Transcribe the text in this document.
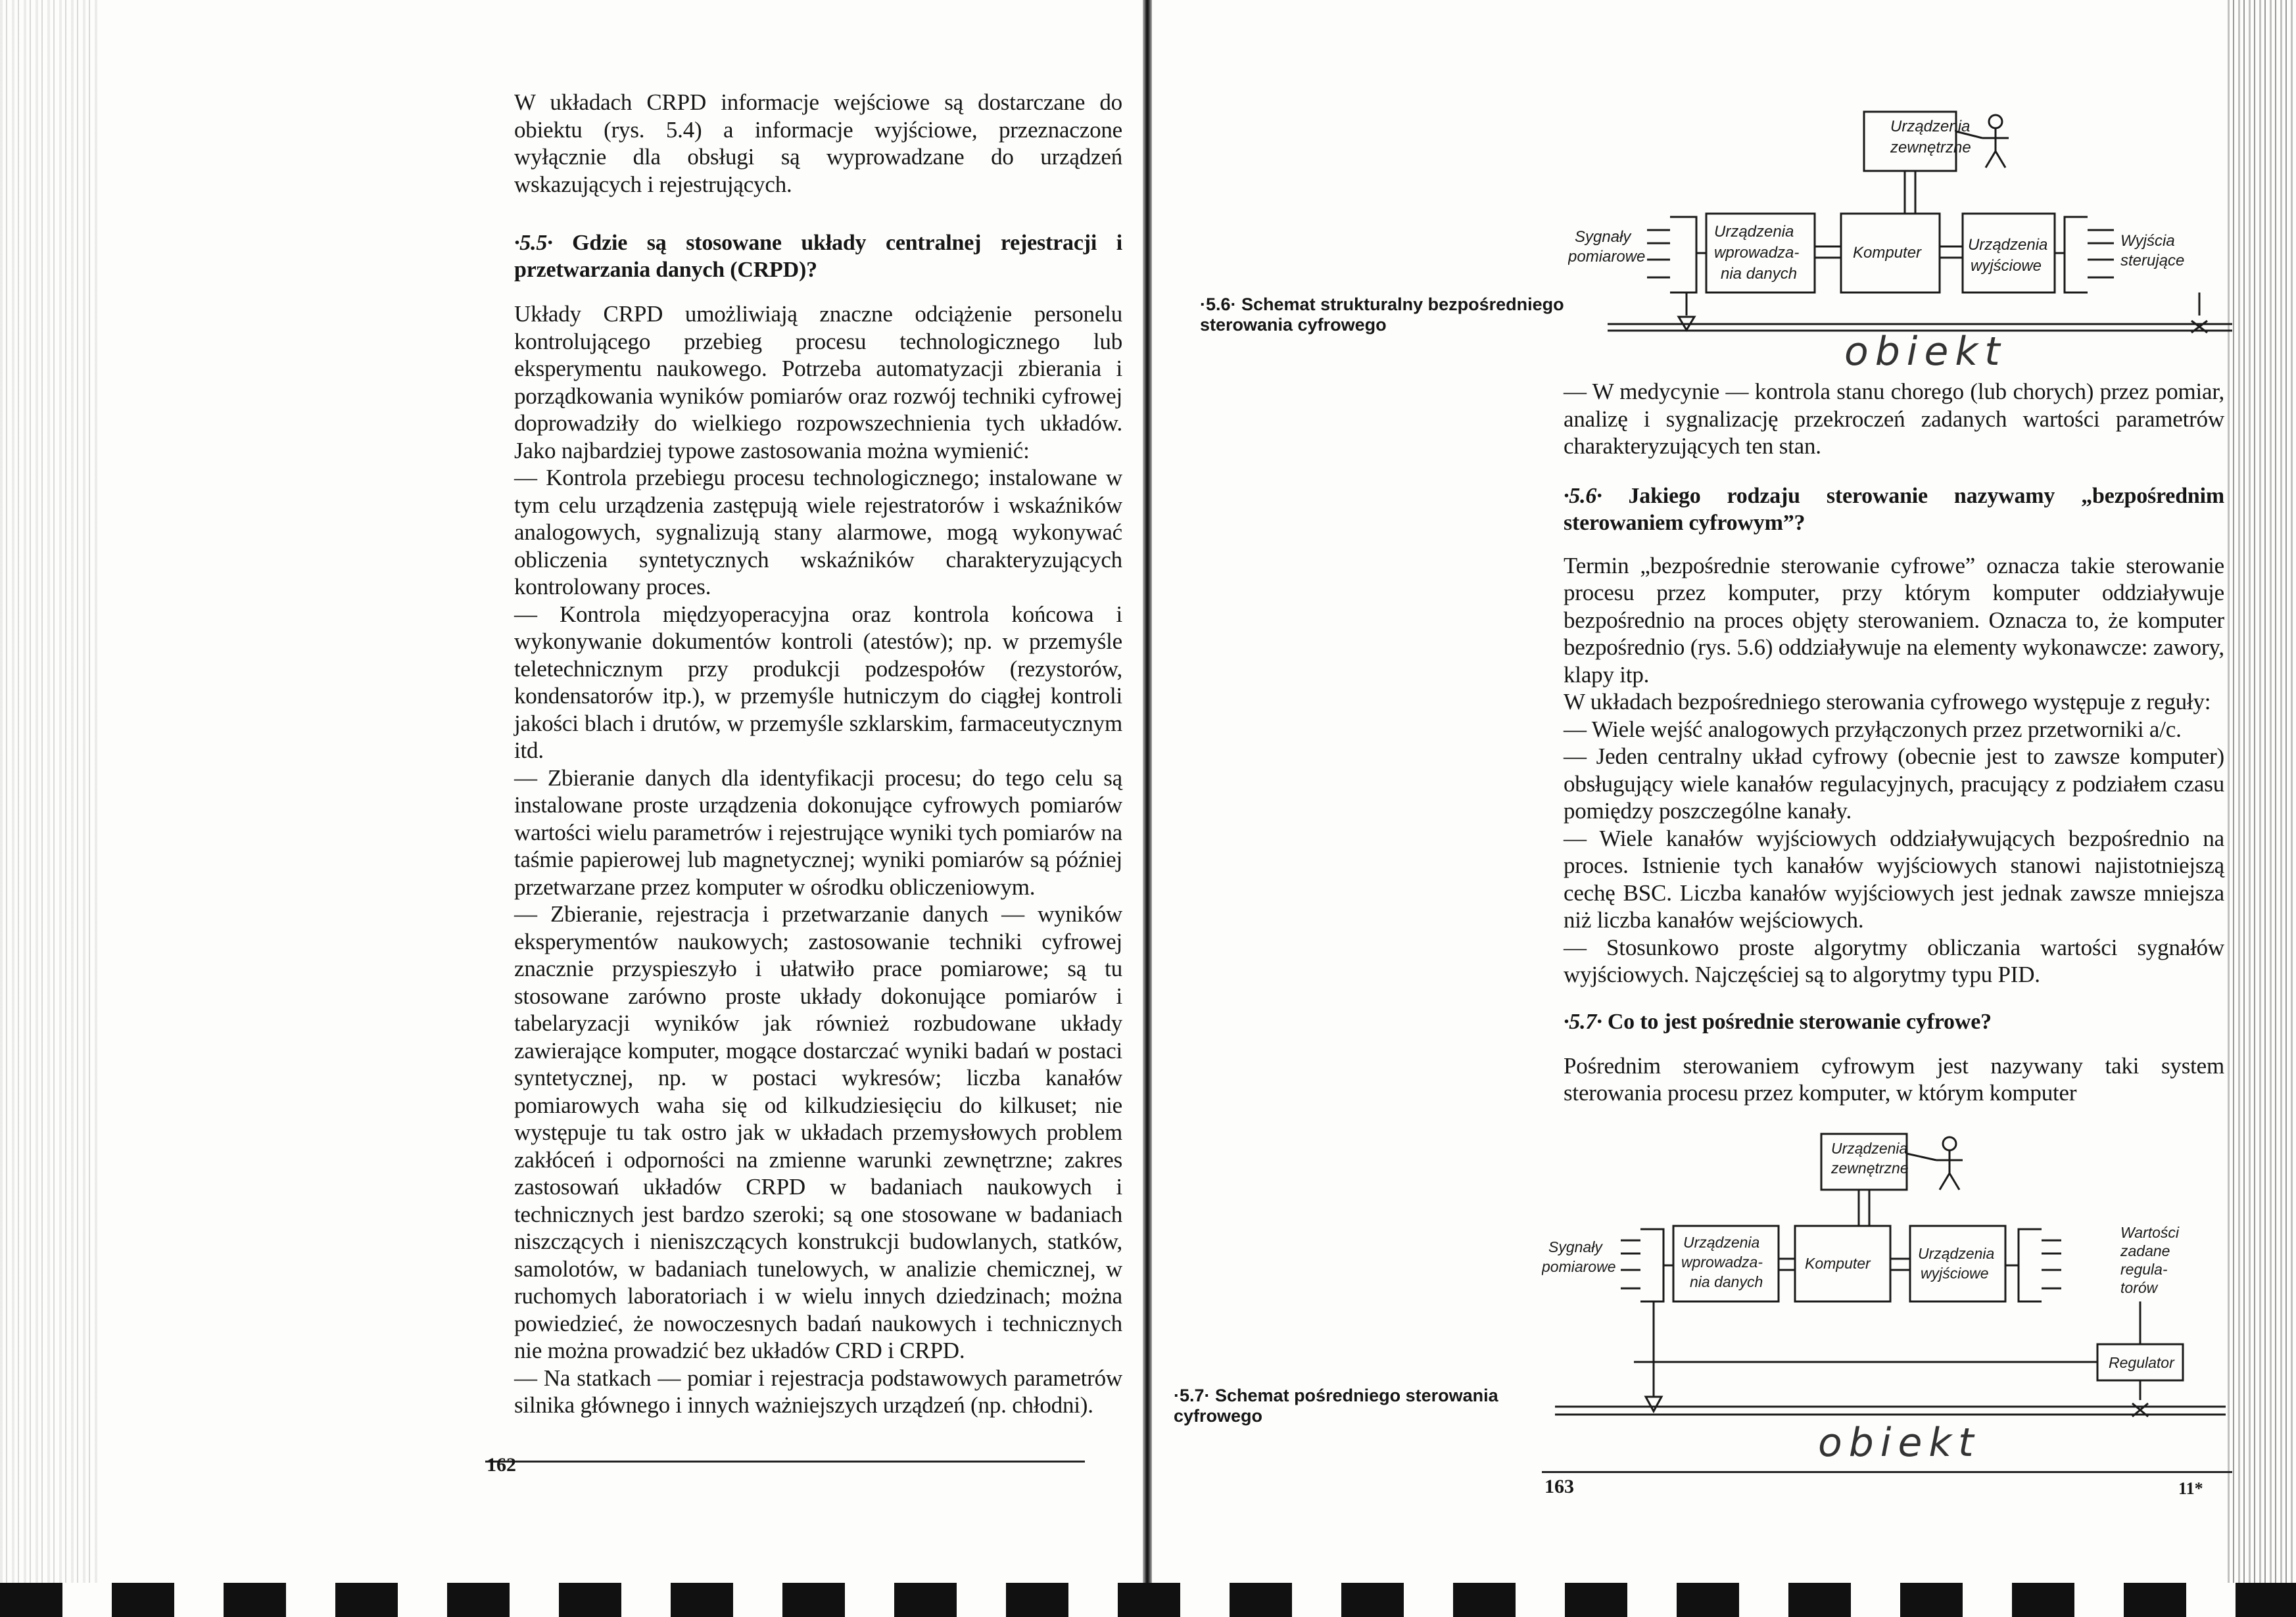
W układach CRPD informacje wejściowe są dostarczane do obiektu (rys. 5.4) a informacje wyjściowe, przeznaczone wyłącznie dla obsługi są wyprowadzane do urządzeń wskazujących i rejestrujących.

·5.5· Gdzie są stosowane układy centralnej rejestracji i przetwarzania danych (CRPD)?

Układy CRPD umożliwiają znaczne odciążenie personelu kontrolującego przebieg procesu technologicznego lub eksperymentu naukowego. Potrzeba automatyzacji zbierania i porządkowania wyników pomiarów oraz rozwój techniki cyfrowej doprowadziły do wielkiego rozpowszechnienia tych układów. Jako najbardziej typowe zastosowania można wymienić:

— Kontrola przebiegu procesu technologicznego; instalowane w tym celu urządzenia zastępują wiele rejestratorów i wskaźników analogowych, sygnalizują stany alarmowe, mogą wykonywać obliczenia syntetycznych wskaźników charakteryzujących kontrolowany proces.

— Kontrola międzyoperacyjna oraz kontrola końcowa i wykonywanie dokumentów kontroli (atestów); np. w przemyśle teletechnicznym przy produkcji podzespołów (rezystorów, kondensatorów itp.), w przemyśle hutniczym do ciągłej kontroli jakości blach i drutów, w przemyśle szklarskim, farmaceutycznym itd.

— Zbieranie danych dla identyfikacji procesu; do tego celu są instalowane proste urządzenia dokonujące cyfrowych pomiarów wartości wielu parametrów i rejestrujące wyniki tych pomiarów na taśmie papierowej lub magnetycznej; wyniki pomiarów są później przetwarzane przez komputer w ośrodku obliczeniowym.

— Zbieranie, rejestracja i przetwarzanie danych — wyników eksperymentów naukowych; zastosowanie techniki cyfrowej znacznie przyspieszyło i ułatwiło prace pomiarowe; są tu stosowane zarówno proste układy dokonujące pomiarów i tabelaryzacji wyników jak również rozbudowane układy zawierające komputer, mogące dostarczać wyniki badań w postaci syntetycznej, np. w postaci wykresów; liczba kanałów pomiarowych waha się od kilkudziesięciu do kilkuset; nie występuje tu tak ostro jak w układach przemysłowych problem zakłóceń i odporności na zmienne warunki zewnętrzne; zakres zastosowań układów CRPD w badaniach naukowych i technicznych jest bardzo szeroki; są one stosowane w badaniach niszczących i nieniszczących konstrukcji budowlanych, statków, samolotów, w badaniach tunelowych, w analizie chemicznej, w ruchomych laboratoriach i w wielu innych dziedzinach; można powiedzieć, że nowoczesnych badań naukowych i technicznych nie można prowadzić bez układów CRD i CRPD.

— Na statkach — pomiar i rejestracja podstawowych parametrów silnika głównego i innych ważniejszych urządzeń (np. chłodni).

162
·5.6· Schemat strukturalny bezpośredniego sterowania cyfrowego
Urządzenia
zewnętrzne
Urządzenia
wprowadza-
nia danych
Komputer	Urządzenia
wyjściowe
Sygnały
pomiarowe
Wyjścia
sterujące
obiekt

— W medycynie — kontrola stanu chorego (lub chorych) przez pomiar, analizę i sygnalizację przekroczeń zadanych wartości parametrów charakteryzujących ten stan.

·5.6· Jakiego rodzaju sterowanie nazywamy „bezpośrednim sterowaniem cyfrowym”?

Termin „bezpośrednie sterowanie cyfrowe” oznacza takie sterowanie procesu przez komputer, przy którym komputer oddziaływuje bezpośrednio na proces objęty sterowaniem. Oznacza to, że komputer bezpośrednio (rys. 5.6) oddziaływuje na elementy wykonawcze: zawory, klapy itp.

W układach bezpośredniego sterowania cyfrowego występuje z reguły:

— Wiele wejść analogowych przyłączonych przez przetworniki a/c.

— Jeden centralny układ cyfrowy (obecnie jest to zawsze komputer) obsługujący wiele kanałów regulacyjnych, pracujący z podziałem czasu pomiędzy poszczególne kanały.

— Wiele kanałów wyjściowych oddziaływujących bezpośrednio na proces. Istnienie tych kanałów wyjściowych stanowi najistotniejszą cechę BSC. Liczba kanałów wyjściowych jest jednak zawsze mniejsza niż liczba kanałów wejściowych.

— Stosunkowo proste algorytmy obliczania wartości sygnałów wyjściowych. Najczęściej są to algorytmy typu PID.

·5.7· Co to jest pośrednie sterowanie cyfrowe?

Pośrednim sterowaniem cyfrowym jest nazywany taki system sterowania procesu przez komputer, w którym komputer

·5.7· Schemat pośredniego sterowania cyfrowego
Urządzenia
zewnętrzne
Urządzenia
wprowadza-
nia danych
Komputer
Urządzenia
wyjściowe
Regulator
Sygnały
pomiarowe
Wartości
zadane
regula-
torów
obiekt
163	11*
